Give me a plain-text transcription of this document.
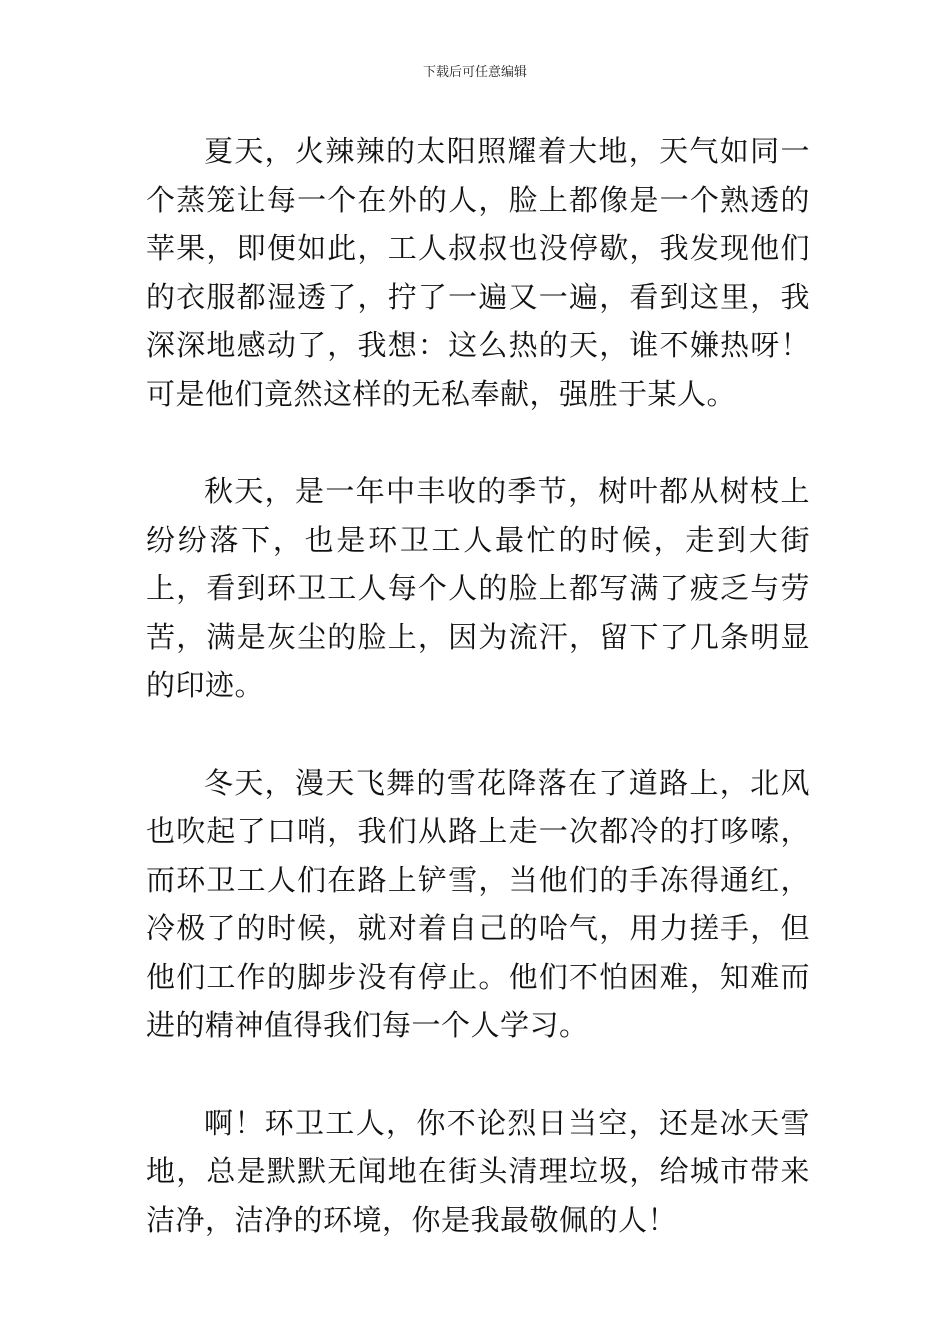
下载后可任意编辑

夏天，火辣辣的太阳照耀着大地，天气如同一个蒸笼让每一个在外的人，脸上都像是一个熟透的苹果，即便如此，工人叔叔也没停歇，我发现他们的衣服都湿透了，拧了一遍又一遍，看到这里，我深深地感动了，我想：这么热的天，谁不嫌热呀！可是他们竟然这样的无私奉献，强胜于某人。

秋天，是一年中丰收的季节，树叶都从树枝上纷纷落下，也是环卫工人最忙的时候，走到大街上，看到环卫工人每个人的脸上都写满了疲乏与劳苦，满是灰尘的脸上，因为流汗，留下了几条明显的印迹。

冬天，漫天飞舞的雪花降落在了道路上，北风也吹起了口哨，我们从路上走一次都冷的打哆嗦，而环卫工人们在路上铲雪，当他们的手冻得通红，冷极了的时候，就对着自己的哈气，用力搓手，但他们工作的脚步没有停止。他们不怕困难，知难而进的精神值得我们每一个人学习。

啊！环卫工人，你不论烈日当空，还是冰天雪地，总是默默无闻地在街头清理垃圾，给城市带来洁净，洁净的环境，你是我最敬佩的人！
